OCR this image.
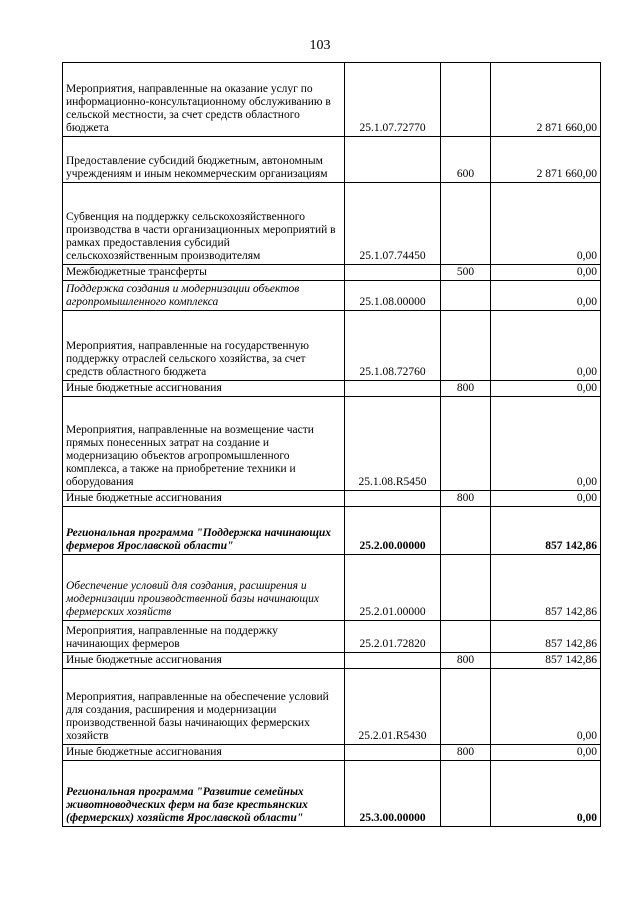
103
Мероприятия, направленные на оказание услуг по информационно-консультационному обслуживанию в сельской местности, за счет средств областного бюджета	25.1.07.72770		2 871 660,00
Предоставление субсидий бюджетным, автономным учреждениям и иным некоммерческим организациям		600	2 871 660,00
Субвенция на поддержку сельскохозяйственного производства в части организационных мероприятий в рамках предоставления субсидий сельскохозяйственным производителям	25.1.07.74450		0,00
Межбюджетные трансферты		500	0,00
Поддержка создания и модернизации объектов агропромышленного комплекса	25.1.08.00000		0,00
Мероприятия, направленные на государственную поддержку отраслей сельского хозяйства, за счет средств областного бюджета	25.1.08.72760		0,00
Иные бюджетные ассигнования		800	0,00
Мероприятия, направленные на возмещение части прямых понесенных затрат на создание и модернизацию объектов агропромышленного комплекса, а также на приобретение техники и оборудования	25.1.08.R5450		0,00
Иные бюджетные ассигнования		800	0,00
Региональная программа "Поддержка начинающих фермеров Ярославской области"	25.2.00.00000		857 142,86
Обеспечение условий для создания, расширения и модернизации производственной базы начинающих фермерских хозяйств	25.2.01.00000		857 142,86
Мероприятия, направленные на поддержку начинающих фермеров	25.2.01.72820		857 142,86
Иные бюджетные ассигнования		800	857 142,86
Мероприятия, направленные на обеспечение условий для создания, расширения и модернизации производственной базы начинающих фермерских хозяйств	25.2.01.R5430		0,00
Иные бюджетные ассигнования		800	0,00
Региональная программа "Развитие семейных животноводческих ферм на базе крестьянских (фермерских) хозяйств Ярославской области"	25.3.00.00000		0,00
